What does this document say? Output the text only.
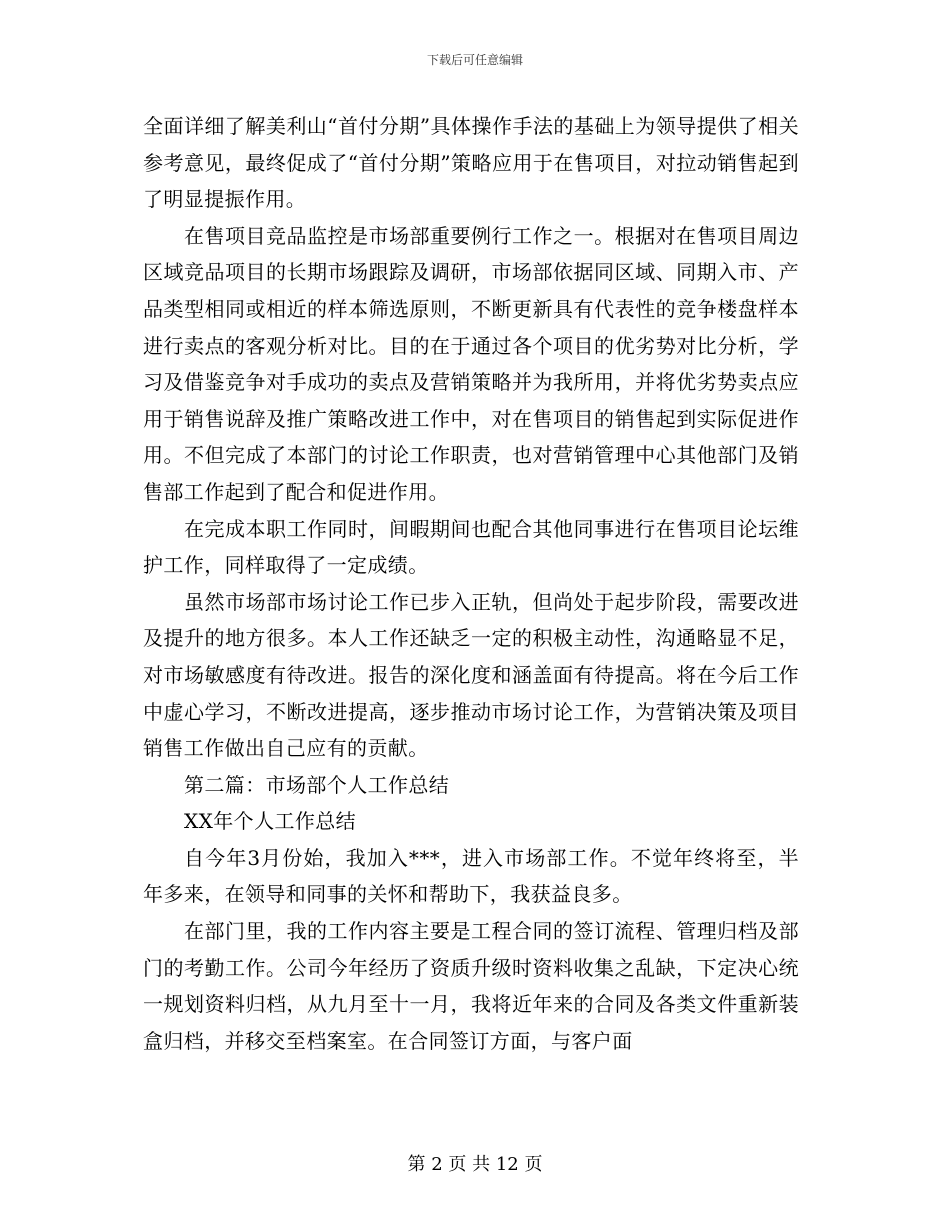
下载后可任意编辑

全面详细了解美利山“首付分期”具体操作手法的基础上为领导提供了相关参考意见，最终促成了“首付分期”策略应用于在售项目，对拉动销售起到了明显提振作用。

在售项目竞品监控是市场部重要例行工作之一。根据对在售项目周边区域竞品项目的长期市场跟踪及调研，市场部依据同区域、同期入市、产品类型相同或相近的样本筛选原则，不断更新具有代表性的竞争楼盘样本进行卖点的客观分析对比。目的在于通过各个项目的优劣势对比分析，学习及借鉴竞争对手成功的卖点及营销策略并为我所用，并将优劣势卖点应用于销售说辞及推广策略改进工作中，对在售项目的销售起到实际促进作用。不但完成了本部门的讨论工作职责，也对营销管理中心其他部门及销售部工作起到了配合和促进作用。

在完成本职工作同时，间暇期间也配合其他同事进行在售项目论坛维护工作，同样取得了一定成绩。

虽然市场部市场讨论工作已步入正轨，但尚处于起步阶段，需要改进及提升的地方很多。本人工作还缺乏一定的积极主动性，沟通略显不足，对市场敏感度有待改进。报告的深化度和涵盖面有待提高。将在今后工作中虚心学习，不断改进提高，逐步推动市场讨论工作，为营销决策及项目销售工作做出自己应有的贡献。

第二篇：市场部个人工作总结

XX年个人工作总结

自今年3月份始，我加入***，进入市场部工作。不觉年终将至，半年多来，在领导和同事的关怀和帮助下，我获益良多。

在部门里，我的工作内容主要是工程合同的签订流程、管理归档及部门的考勤工作。公司今年经历了资质升级时资料收集之乱缺，下定决心统一规划资料归档，从九月至十一月，我将近年来的合同及各类文件重新装盒归档，并移交至档案室。在合同签订方面，与客户面

第 2 页 共 12 页
